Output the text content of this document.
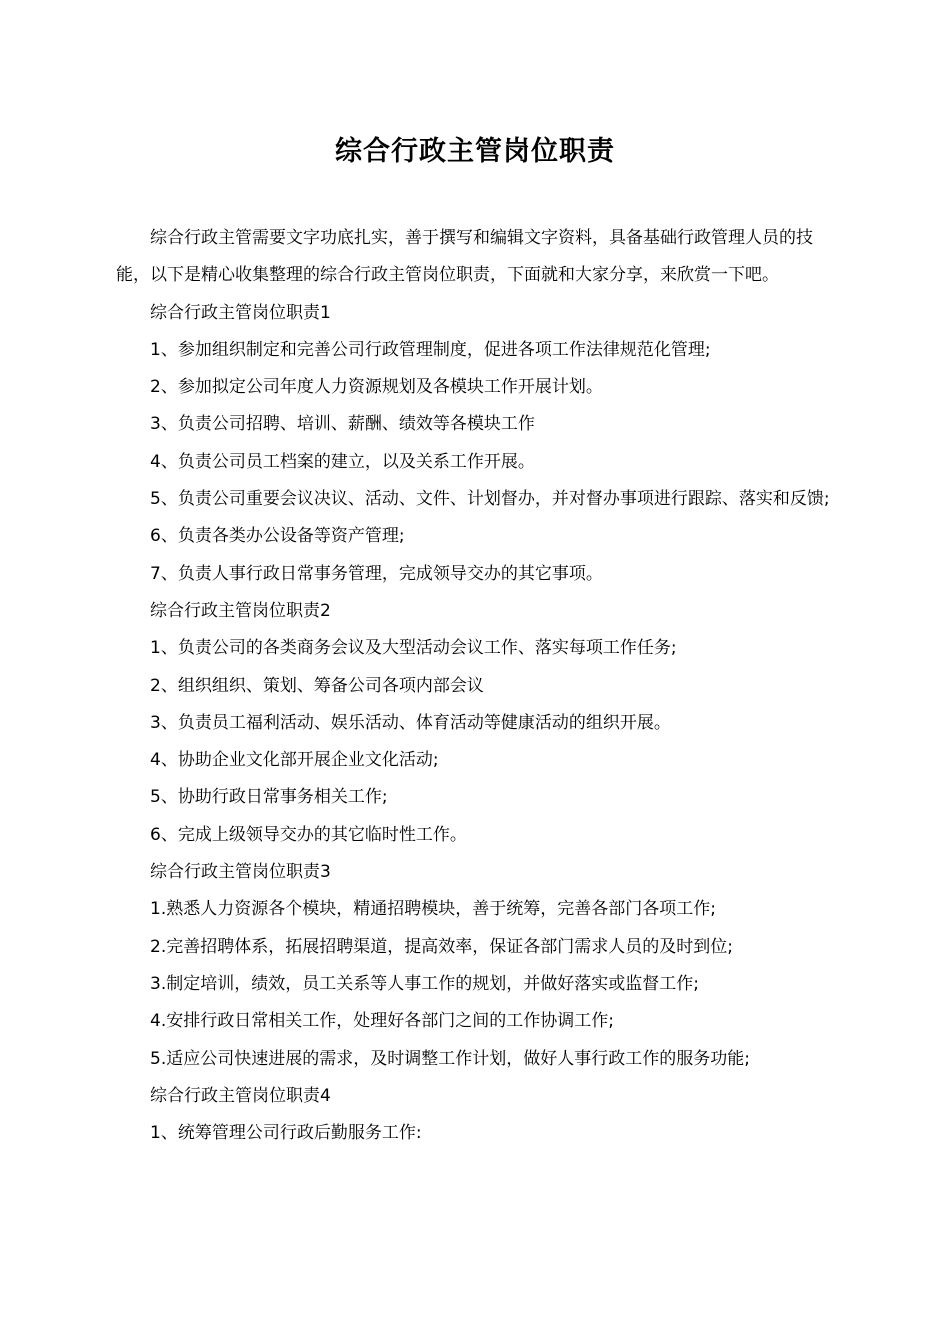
综合行政主管岗位职责

综合行政主管需要文字功底扎实，善于撰写和编辑文字资料，具备基础行政管理人员的技能，以下是精心收集整理的综合行政主管岗位职责，下面就和大家分享，来欣赏一下吧。

综合行政主管岗位职责1

1、参加组织制定和完善公司行政管理制度，促进各项工作法律规范化管理;

2、参加拟定公司年度人力资源规划及各模块工作开展计划。

3、负责公司招聘、培训、薪酬、绩效等各模块工作

4、负责公司员工档案的建立，以及关系工作开展。

5、负责公司重要会议决议、活动、文件、计划督办，并对督办事项进行跟踪、落实和反馈;

6、负责各类办公设备等资产管理;

7、负责人事行政日常事务管理，完成领导交办的其它事项。

综合行政主管岗位职责2

1、负责公司的各类商务会议及大型活动会议工作、落实每项工作任务;

2、组织组织、策划、筹备公司各项内部会议

3、负责员工福利活动、娱乐活动、体育活动等健康活动的组织开展。

4、协助企业文化部开展企业文化活动;

5、协助行政日常事务相关工作;

6、完成上级领导交办的其它临时性工作。

综合行政主管岗位职责3

1.熟悉人力资源各个模块，精通招聘模块，善于统筹，完善各部门各项工作;

2.完善招聘体系，拓展招聘渠道，提高效率，保证各部门需求人员的及时到位;

3.制定培训，绩效，员工关系等人事工作的规划，并做好落实或监督工作;

4.安排行政日常相关工作，处理好各部门之间的工作协调工作;

5.适应公司快速进展的需求，及时调整工作计划，做好人事行政工作的服务功能;

综合行政主管岗位职责4

1、统筹管理公司行政后勤服务工作:
